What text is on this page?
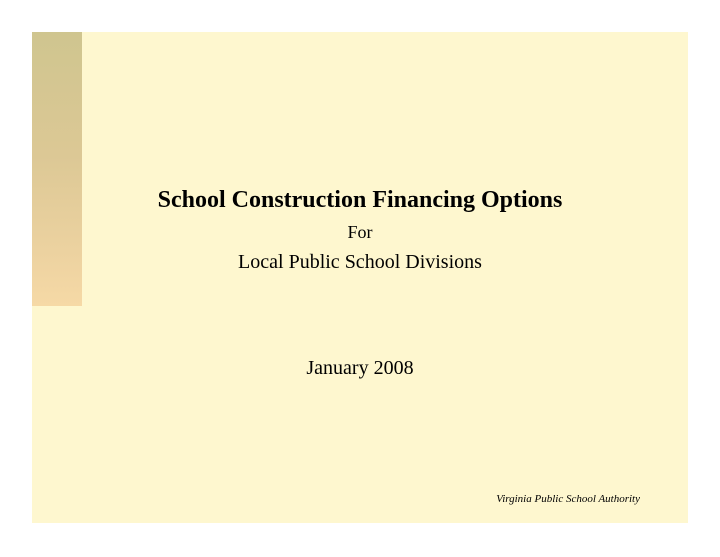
School Construction Financing Options
For
Local Public School Divisions
January 2008
Virginia Public School Authority
